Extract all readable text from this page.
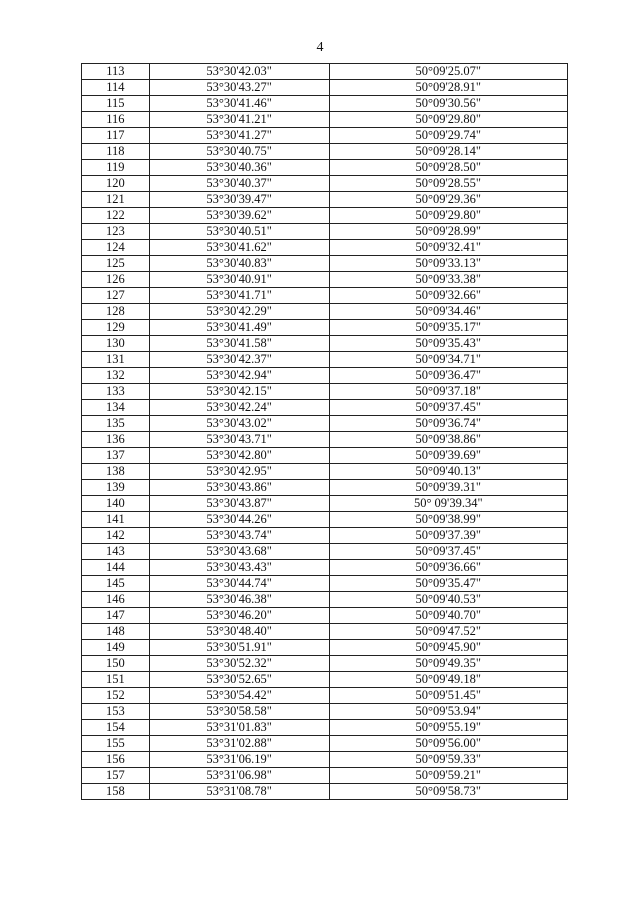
4
113	53°30'42.03"	50°09'25.07"
114	53°30'43.27"	50°09'28.91"
115	53°30'41.46"	50°09'30.56"
116	53°30'41.21"	50°09'29.80"
117	53°30'41.27"	50°09'29.74"
118	53°30'40.75"	50°09'28.14"
119	53°30'40.36"	50°09'28.50"
120	53°30'40.37"	50°09'28.55"
121	53°30'39.47"	50°09'29.36"
122	53°30'39.62"	50°09'29.80"
123	53°30'40.51"	50°09'28.99"
124	53°30'41.62"	50°09'32.41"
125	53°30'40.83"	50°09'33.13"
126	53°30'40.91"	50°09'33.38"
127	53°30'41.71"	50°09'32.66"
128	53°30'42.29"	50°09'34.46"
129	53°30'41.49"	50°09'35.17"
130	53°30'41.58"	50°09'35.43"
131	53°30'42.37"	50°09'34.71"
132	53°30'42.94"	50°09'36.47"
133	53°30'42.15"	50°09'37.18"
134	53°30'42.24"	50°09'37.45"
135	53°30'43.02"	50°09'36.74"
136	53°30'43.71"	50°09'38.86"
137	53°30'42.80"	50°09'39.69"
138	53°30'42.95"	50°09'40.13"
139	53°30'43.86"	50°09'39.31"
140	53°30'43.87"	50° 09'39.34"
141	53°30'44.26"	50°09'38.99"
142	53°30'43.74"	50°09'37.39"
143	53°30'43.68"	50°09'37.45"
144	53°30'43.43"	50°09'36.66"
145	53°30'44.74"	50°09'35.47"
146	53°30'46.38"	50°09'40.53"
147	53°30'46.20"	50°09'40.70"
148	53°30'48.40"	50°09'47.52"
149	53°30'51.91"	50°09'45.90"
150	53°30'52.32"	50°09'49.35"
151	53°30'52.65"	50°09'49.18"
152	53°30'54.42"	50°09'51.45"
153	53°30'58.58"	50°09'53.94"
154	53°31'01.83"	50°09'55.19"
155	53°31'02.88"	50°09'56.00"
156	53°31'06.19"	50°09'59.33"
157	53°31'06.98"	50°09'59.21"
158	53°31'08.78"	50°09'58.73"
